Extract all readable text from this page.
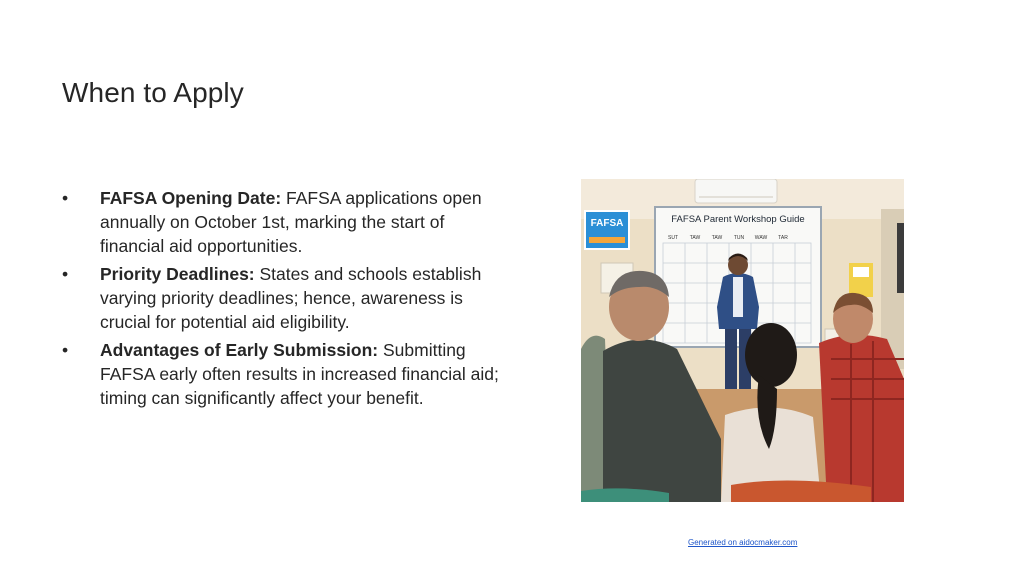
When to Apply
•	FAFSA Opening Date: FAFSA applications open annually on October 1st, marking the start of financial aid opportunities.
•	Priority Deadlines: States and schools establish varying priority deadlines; hence, awareness is crucial for potential aid eligibility.
•	Advantages of Early Submission: Submitting FAFSA early often results in increased financial aid; timing can significantly affect your benefit.
FAFSA	FAFSA Parent Workshop Guide
SUT TAW TAW TUN WAW TAR
Generated on aidocmaker.com
